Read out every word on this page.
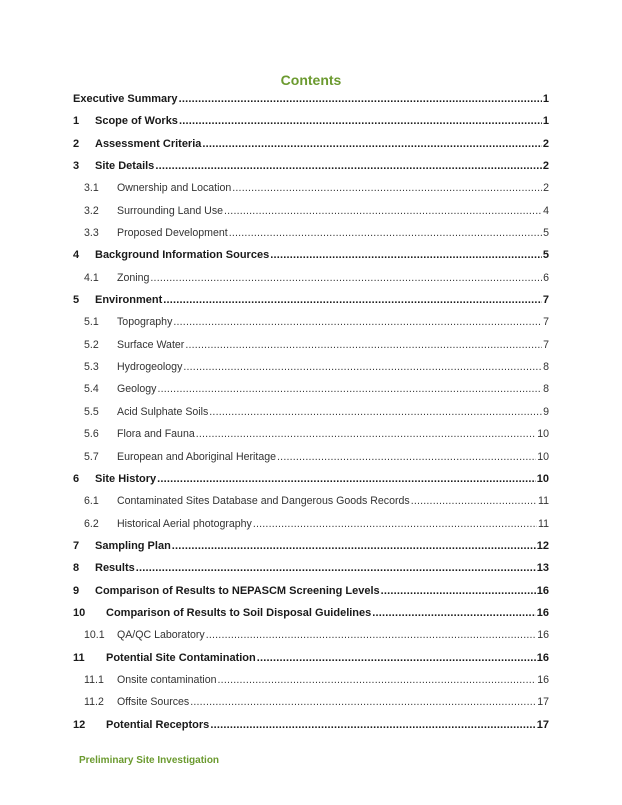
Contents
Executive Summary .....	1
1	Scope of Works .....	1
2	Assessment Criteria .....	2
3	Site Details .....	2
3.1	Ownership and Location .....	2
3.2	Surrounding Land Use .....	4
3.3	Proposed Development .....	5
4	Background Information Sources .....	5
4.1	Zoning .....	6
5	Environment .....	7
5.1	Topography .....	7
5.2	Surface Water .....	7
5.3	Hydrogeology .....	8
5.4	Geology .....	8
5.5	Acid Sulphate Soils .....	9
5.6	Flora and Fauna .....	10
5.7	European and Aboriginal Heritage .....	10
6	Site History .....	10
6.1	Contaminated Sites Database and Dangerous Goods Records .....	11
6.2	Historical Aerial photography .....	11
7	Sampling Plan .....	12
8	Results .....	13
9	Comparison of Results to NEPASCM Screening Levels .....	16
10	Comparison of Results to Soil Disposal Guidelines .....	16
10.1	QA/QC Laboratory .....	16
11	Potential Site Contamination .....	16
11.1	Onsite contamination .....	16
11.2	Offsite Sources .....	17
12	Potential Receptors .....	17
Preliminary Site Investigation
